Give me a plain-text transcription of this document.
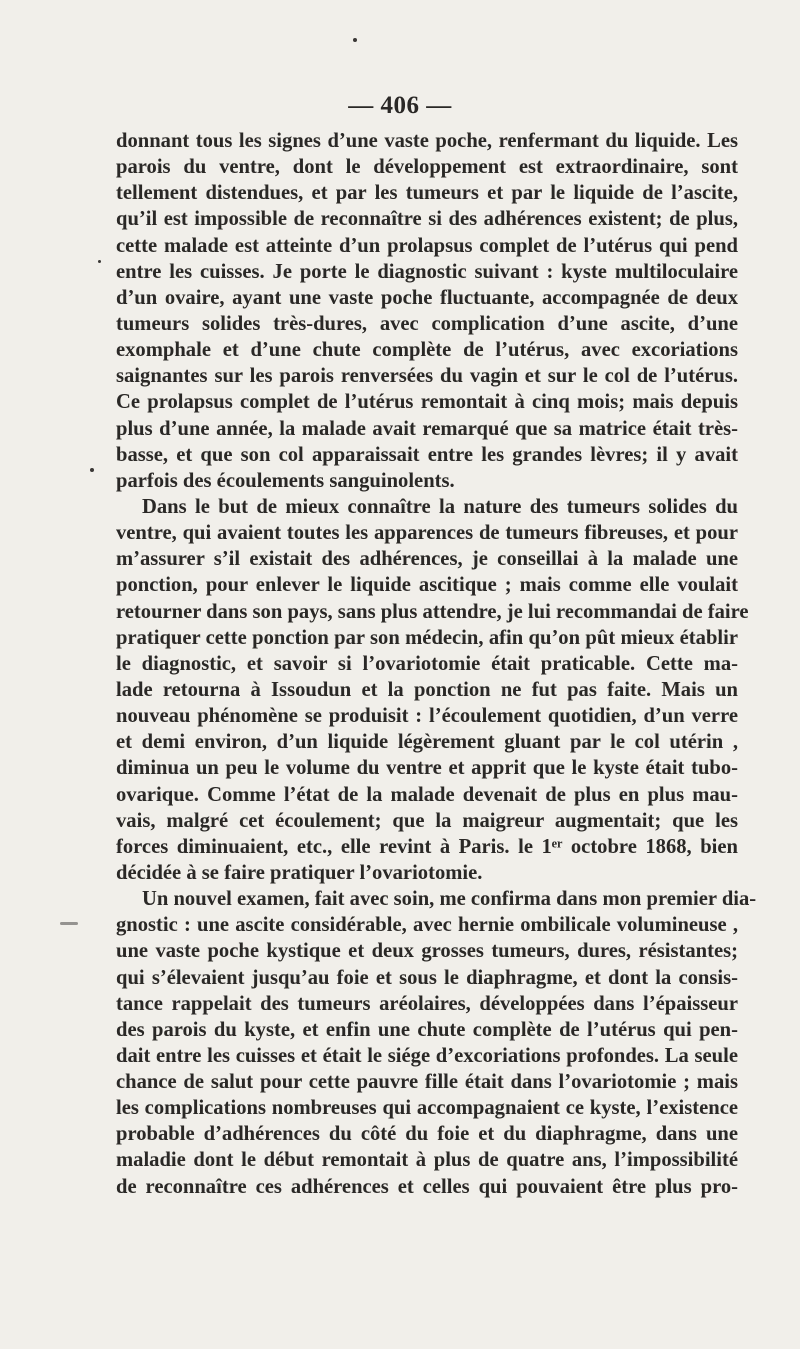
— 406 —
donnant tous les signes d’une vaste poche, renfermant du liquide. Les
parois du ventre, dont le développement est extraordinaire, sont
tellement distendues, et par les tumeurs et par le liquide de l’ascite,
qu’il est impossible de reconnaître si des adhérences existent; de plus,
cette malade est atteinte d’un prolapsus complet de l’utérus qui pend
entre les cuisses. Je porte le diagnostic suivant : kyste multiloculaire
d’un ovaire, ayant une vaste poche fluctuante, accompagnée de deux
tumeurs solides très-dures, avec complication d’une ascite, d’une
exomphale et d’une chute complète de l’utérus, avec excoriations
saignantes sur les parois renversées du vagin et sur le col de l’utérus.
Ce prolapsus complet de l’utérus remontait à cinq mois; mais depuis
plus d’une année, la malade avait remarqué que sa matrice était très-
basse, et que son col apparaissait entre les grandes lèvres; il y avait
parfois des écoulements sanguinolents.
Dans le but de mieux connaître la nature des tumeurs solides du
ventre, qui avaient toutes les apparences de tumeurs fibreuses, et pour
m’assurer s’il existait des adhérences, je conseillai à la malade une
ponction, pour enlever le liquide ascitique ; mais comme elle voulait
retourner dans son pays, sans plus attendre, je lui recommandai de faire
pratiquer cette ponction par son médecin, afin qu’on pût mieux établir
le diagnostic, et savoir si l’ovariotomie était praticable. Cette ma-
lade retourna à Issoudun et la ponction ne fut pas faite. Mais un
nouveau phénomène se produisit : l’écoulement quotidien, d’un verre
et demi environ, d’un liquide légèrement gluant par le col utérin ,
diminua un peu le volume du ventre et apprit que le kyste était tubo-
ovarique. Comme l’état de la malade devenait de plus en plus mau-
vais, malgré cet écoulement; que la maigreur augmentait; que les
forces diminuaient, etc., elle revint à Paris. le 1ᵉʳ octobre 1868, bien
décidée à se faire pratiquer l’ovariotomie.
Un nouvel examen, fait avec soin, me confirma dans mon premier dia-
gnostic : une ascite considérable, avec hernie ombilicale volumineuse ,
une vaste poche kystique et deux grosses tumeurs, dures, résistantes;
qui s’élevaient jusqu’au foie et sous le diaphragme, et dont la consis-
tance rappelait des tumeurs aréolaires, développées dans l’épaisseur
des parois du kyste, et enfin une chute complète de l’utérus qui pen-
dait entre les cuisses et était le siége d’excoriations profondes. La seule
chance de salut pour cette pauvre fille était dans l’ovariotomie ; mais
les complications nombreuses qui accompagnaient ce kyste, l’existence
probable d’adhérences du côté du foie et du diaphragme, dans une
maladie dont le début remontait à plus de quatre ans, l’impossibilité
de reconnaître ces adhérences et celles qui pouvaient être plus pro-
